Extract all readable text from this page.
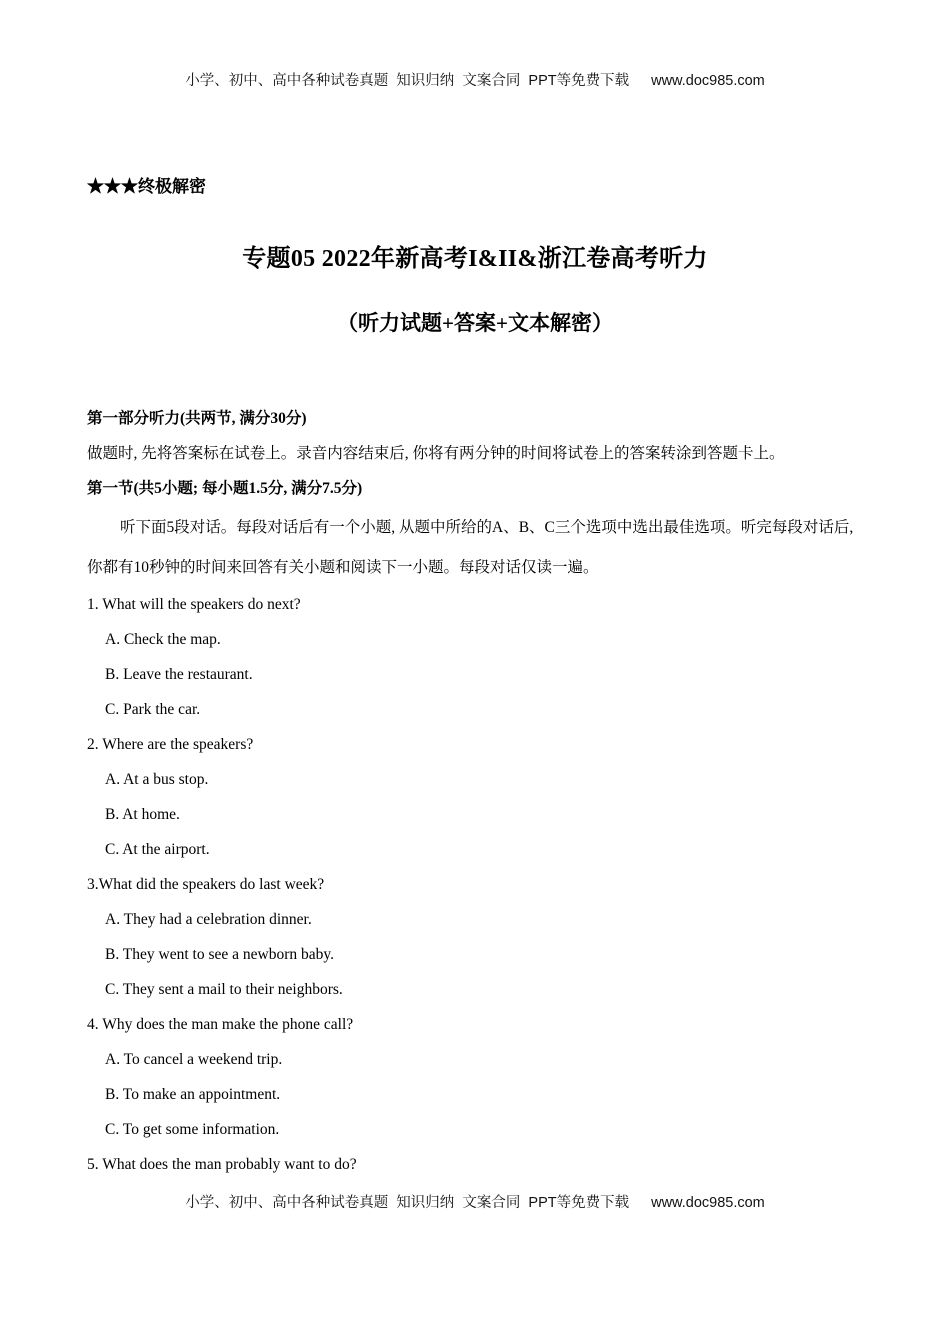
小学、初中、高中各种试卷真题  知识归纳  文案合同  PPT等免费下载 www.doc985.com
★★★终极解密
专题05 2022年新高考I&II&浙江卷高考听力
（听力试题+答案+文本解密）
第一部分听力(共两节, 满分30分)
做题时, 先将答案标在试卷上。录音内容结束后, 你将有两分钟的时间将试卷上的答案转涂到答题卡上。
第一节(共5小题; 每小题1.5分, 满分7.5分)
听下面5段对话。每段对话后有一个小题, 从题中所给的A、B、C三个选项中选出最佳选项。听完每段对话后, 你都有10秒钟的时间来回答有关小题和阅读下一小题。每段对话仅读一遍。
1. What will the speakers do next?
A. Check the map.
B. Leave the restaurant.
C. Park the car.
2. Where are the speakers?
A. At a bus stop.
B. At home.
C. At the airport.
3.What did the speakers do last week?
A. They had a celebration dinner.
B. They went to see a newborn baby.
C. They sent a mail to their neighbors.
4. Why does the man make the phone call?
A. To cancel a weekend trip.
B. To make an appointment.
C. To get some information.
5. What does the man probably want to do?
小学、初中、高中各种试卷真题  知识归纳  文案合同  PPT等免费下载 www.doc985.com
